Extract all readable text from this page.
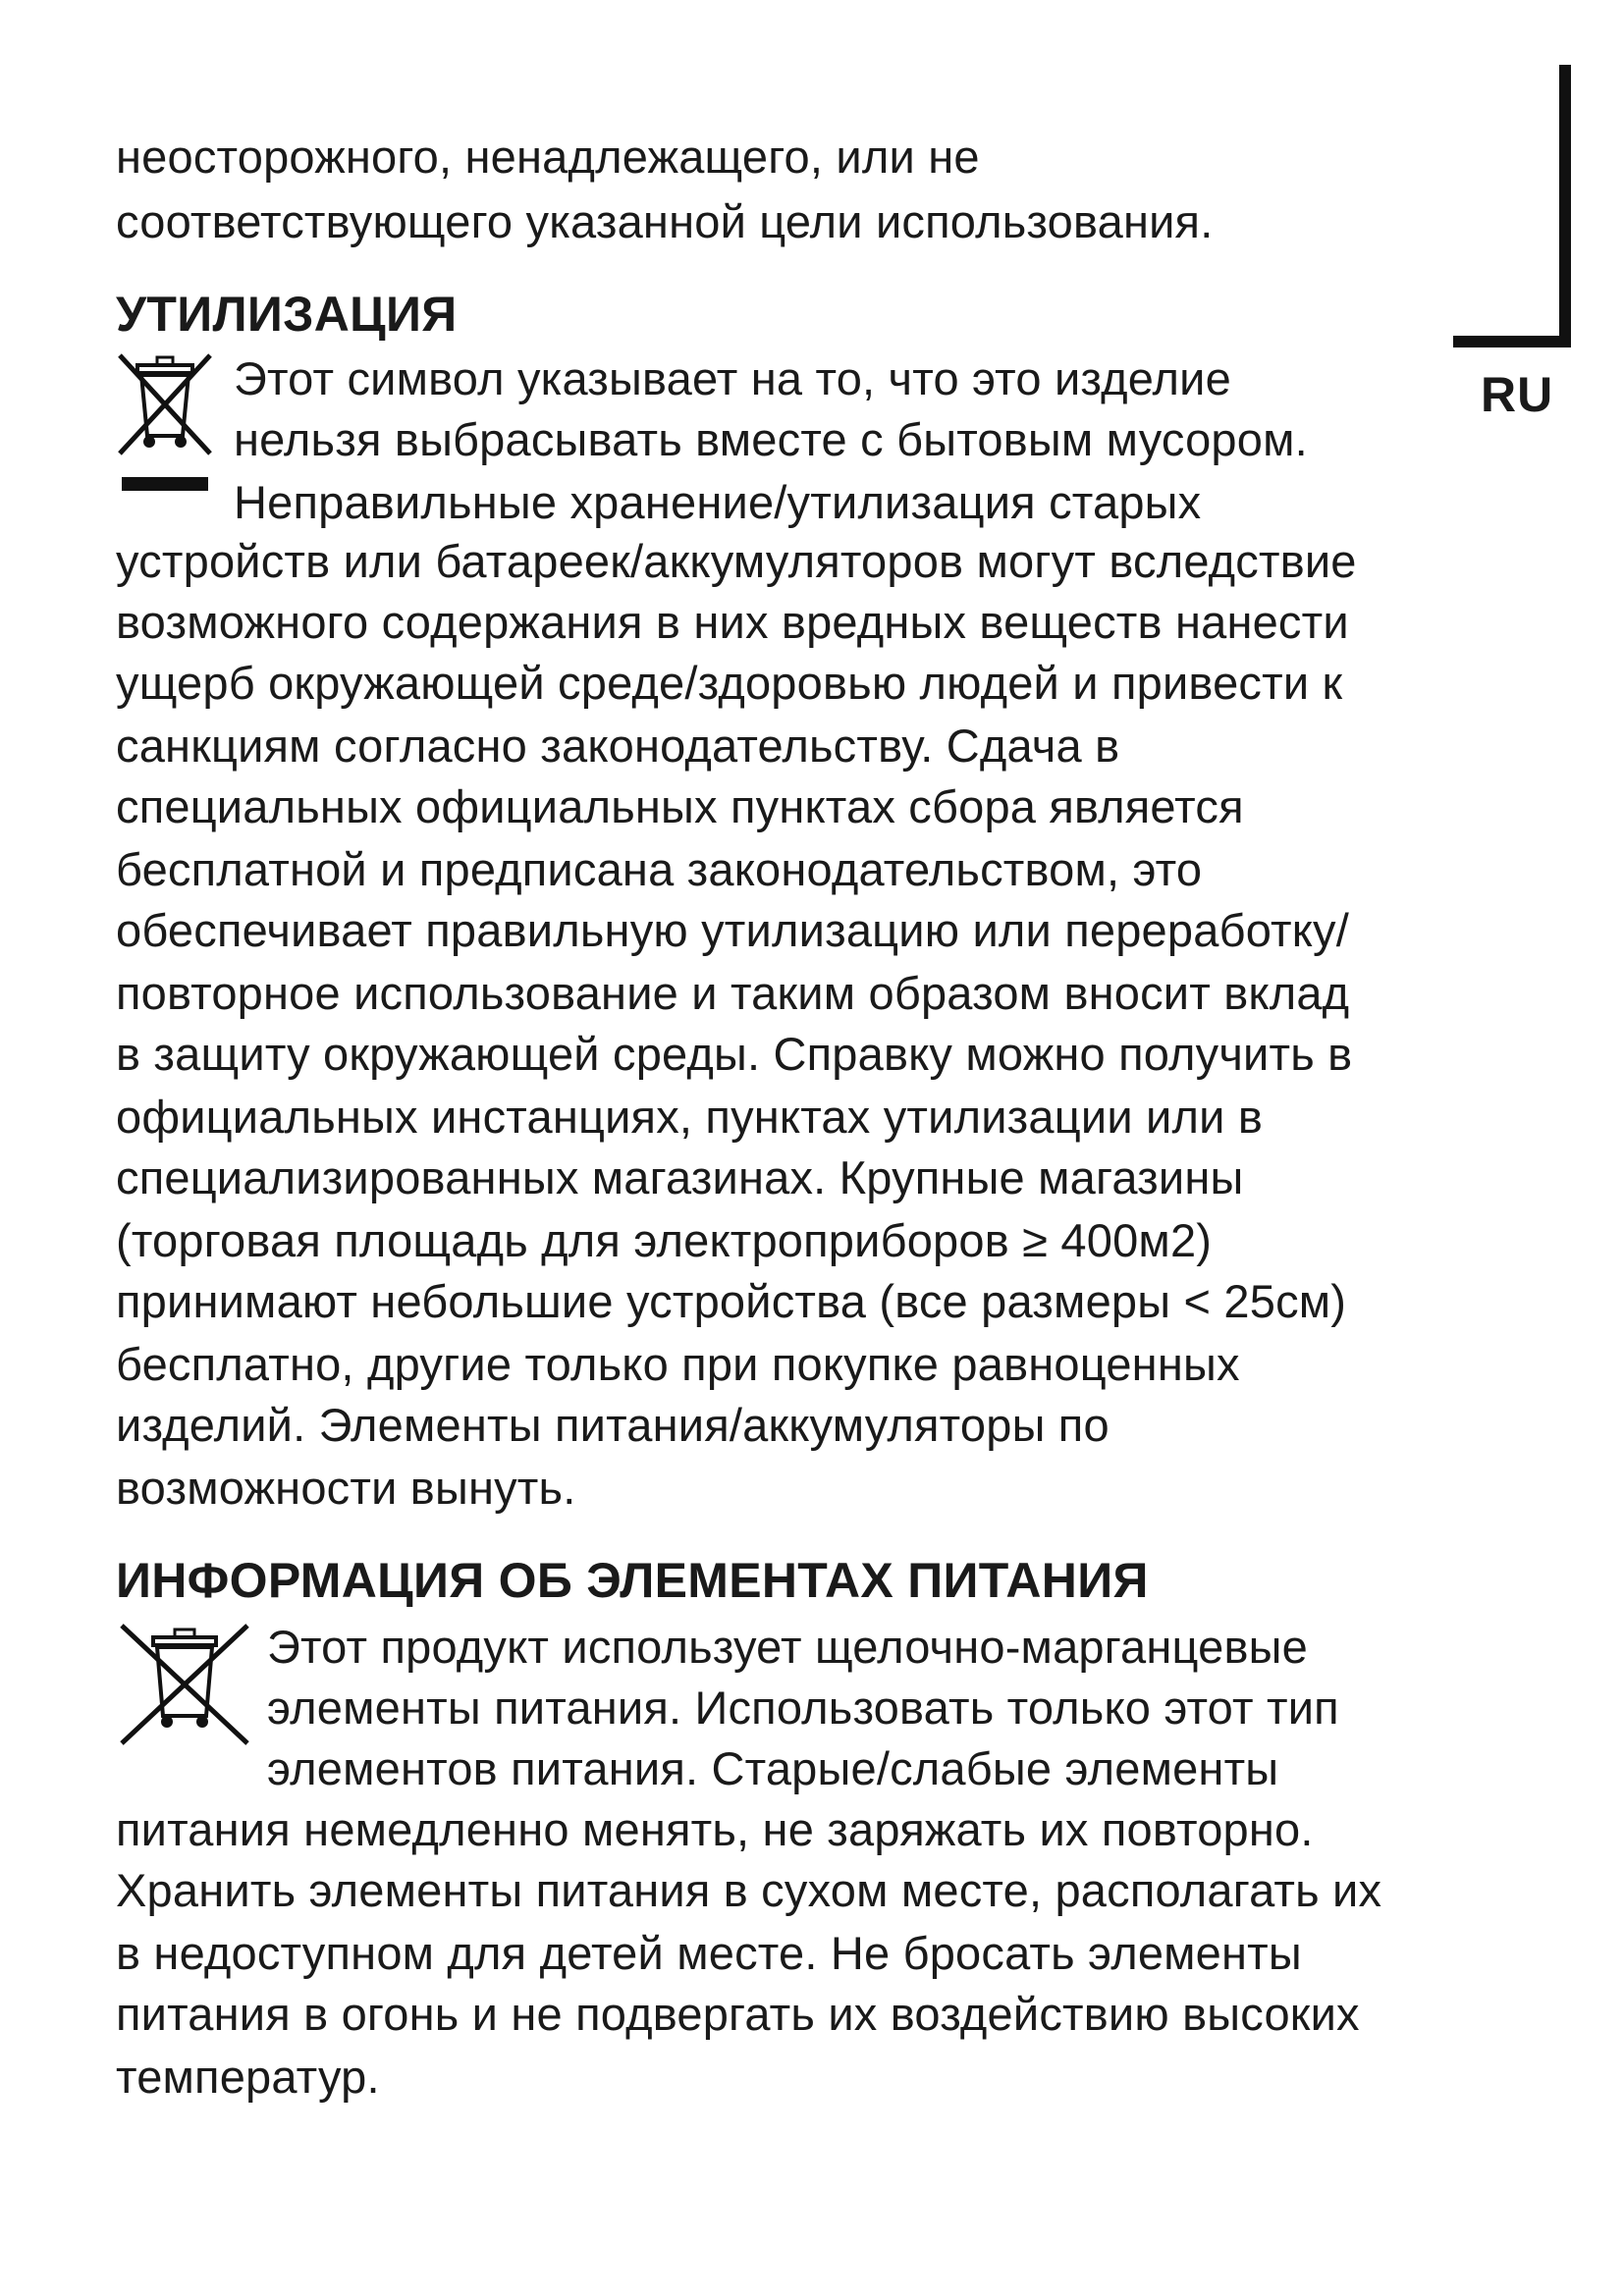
RU
неосторожного, ненадлежащего, или не
соответствующего указанной цели использования.
УТИЛИЗАЦИЯ
Этот символ указывает на то, что это изделие
нельзя выбрасывать вместе с бытовым мусором.
Неправильные хранение/утилизация старых
устройств или батареек/аккумуляторов могут вследствие
возможного содержания в них вредных веществ нанести
ущерб окружающей среде/здоровью людей и привести к
санкциям согласно законодательству. Сдача в
специальных официальных пунктах сбора является
бесплатной и предписана законодательством, это
обеспечивает правильную утилизацию или переработку/
повторное использование и таким образом вносит вклад
в защиту окружающей среды. Справку можно получить в
официальных инстанциях, пунктах утилизации или в
специализированных магазинах. Крупные магазины
(торговая площадь для электроприборов ≥ 400м2)
принимают небольшие устройства (все размеры < 25см)
бесплатно, другие только при покупке равноценных
изделий. Элементы питания/аккумуляторы по
возможности вынуть.
ИНФОРМАЦИЯ ОБ ЭЛЕМЕНТАХ ПИТАНИЯ
Этот продукт использует щелочно-марганцевые
элементы питания. Использовать только этот тип
элементов питания. Старые/слабые элементы
питания немедленно менять, не заряжать их повторно.
Хранить элементы питания в сухом месте, располагать их
в недоступном для детей месте. Не бросать элементы
питания в огонь и не подвергать их воздействию высоких
температур.
